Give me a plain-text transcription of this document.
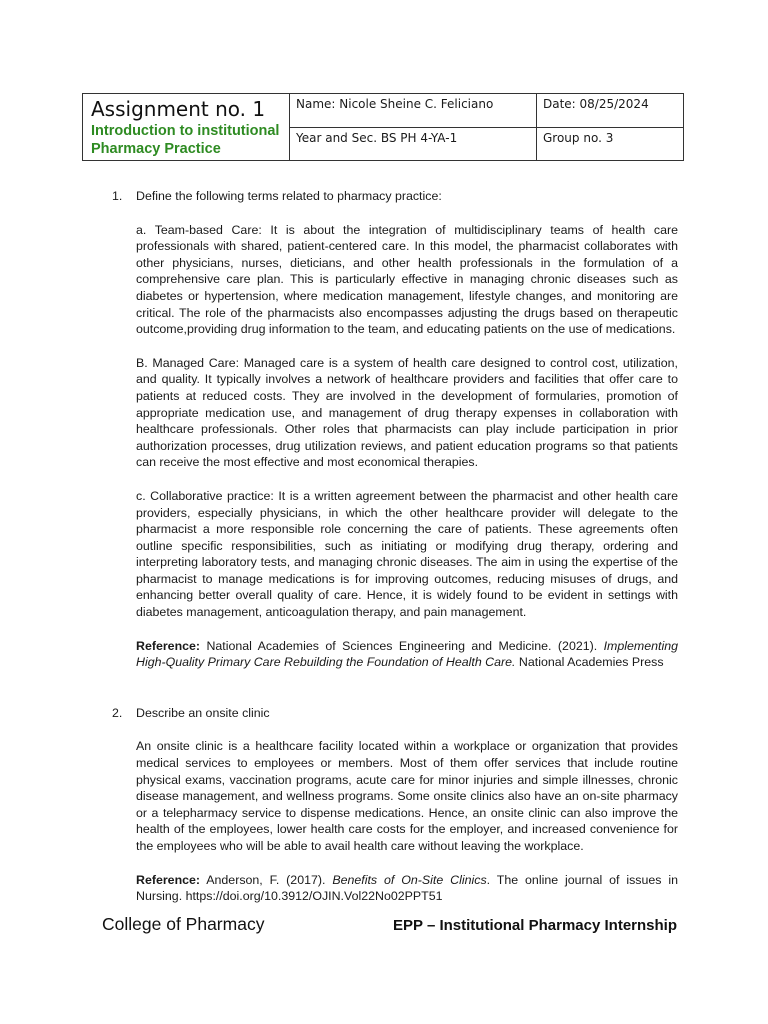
Assignment no. 1
Introduction to institutional
Pharmacy Practice	Name: Nicole Sheine C. Feliciano	Date: 08/25/2024
	Year and Sec. BS PH 4-YA-1	Group no. 3
1. Define the following terms related to pharmacy practice:

a. Team-based Care: It is about the integration of multidisciplinary teams of health care professionals with shared, patient-centered care. In this model, the pharmacist collaborates with other physicians, nurses, dieticians, and other health professionals in the formulation of a comprehensive care plan. This is particularly effective in managing chronic diseases such as diabetes or hypertension, where medication management, lifestyle changes, and monitoring are critical. The role of the pharmacists also encompasses adjusting the drugs based on therapeutic outcome,providing drug information to the team, and educating patients on the use of medications.

B. Managed Care: Managed care is a system of health care designed to control cost, utilization, and quality. It typically involves a network of healthcare providers and facilities that offer care to patients at reduced costs. They are involved in the development of formularies, promotion of appropriate medication use, and management of drug therapy expenses in collaboration with healthcare professionals. Other roles that pharmacists can play include participation in prior authorization processes, drug utilization reviews, and patient education programs so that patients can receive the most effective and most economical therapies.

c. Collaborative practice: It is a written agreement between the pharmacist and other health care providers, especially physicians, in which the other healthcare provider will delegate to the pharmacist a more responsible role concerning the care of patients. These agreements often outline specific responsibilities, such as initiating or modifying drug therapy, ordering and interpreting laboratory tests, and managing chronic diseases. The aim in using the expertise of the pharmacist to manage medications is for improving outcomes, reducing misuses of drugs, and enhancing better overall quality of care. Hence, it is widely found to be evident in settings with diabetes management, anticoagulation therapy, and pain management.

Reference: National Academies of Sciences Engineering and Medicine. (2021). Implementing High-Quality Primary Care Rebuilding the Foundation of Health Care. National Academies Press

2. Describe an onsite clinic

An onsite clinic is a healthcare facility located within a workplace or organization that provides medical services to employees or members. Most of them offer services that include routine physical exams, vaccination programs, acute care for minor injuries and simple illnesses, chronic disease management, and wellness programs. Some onsite clinics also have an on-site pharmacy or a telepharmacy service to dispense medications. Hence, an onsite clinic can also improve the health of the employees, lower health care costs for the employer, and increased convenience for the employees who will be able to avail health care without leaving the workplace.

Reference: Anderson, F. (2017). Benefits of On-Site Clinics. The online journal of issues in Nursing. https://doi.org/10.3912/OJIN.Vol22No02PPT51

College of Pharmacy	EPP – Institutional Pharmacy Internship
